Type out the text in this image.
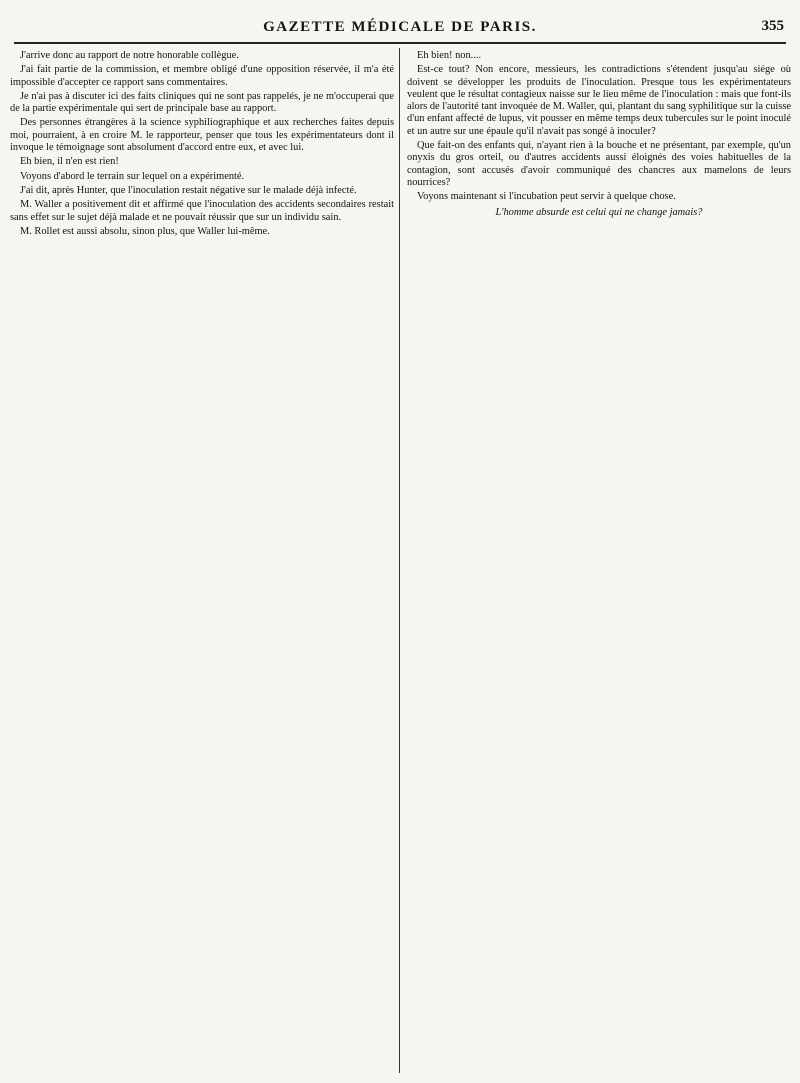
GAZETTE MÉDICALE DE PARIS.	355

J'arrive donc au rapport de notre honorable collègue.

J'ai fait partie de la commission, et membre obligé d'une opposition réservée, il m'a été impossible d'accepter ce rapport sans commentaires.

Je n'ai pas à discuter ici des faits cliniques qui ne sont pas rappelés, je ne m'occuperai que de la partie expérimentale qui sert de principale base au rapport.

Des personnes étrangères à la science syphiliographique et aux recherches faites depuis moi, pourraient, à en croire M. le rapporteur, penser que tous les expérimentateurs dont il invoque le témoignage sont absolument d'accord entre eux, et avec lui.

Eh bien, il n'en est rien!

Voyons d'abord le terrain sur lequel on a expérimenté.

J'ai dit, après Hunter, que l'inoculation restait négative sur le malade déjà infecté.

M. Waller a positivement dit et affirmé que l'inoculation des accidents secondaires restait sans effet sur le sujet déjà malade et ne pouvait réussir que sur un individu sain.

M. Rollet est aussi absolu, sinon plus, que Waller lui-même.

Eh bien! non....

Est-ce tout? Non encore, messieurs, les contradictions s'étendent jusqu'au siége où doivent se développer les produits de l'inoculation. Presque tous les expérimentateurs veulent que le résultat contagieux naisse sur le lieu même de l'inoculation : mais que font-ils alors de l'autorité tant invoquée de M. Waller, qui, plantant du sang syphilitique sur la cuisse d'un enfant affecté de lupus, vit pousser en même temps deux tubercules sur le point inoculé et un autre sur une épaule qu'il n'avait pas songé à inoculer?

Que fait-on des enfants qui, n'ayant rien à la bouche et ne présentant, par exemple, qu'un onyxis du gros orteil, ou d'autres accidents aussi éloignés des voies habituelles de la contagion, sont accusés d'avoir communiqué des chancres aux mamelons de leurs nourrices?

Voyons maintenant si l'incubation peut servir à quelque chose.

L'homme absurde est celui qui ne change jamais?
